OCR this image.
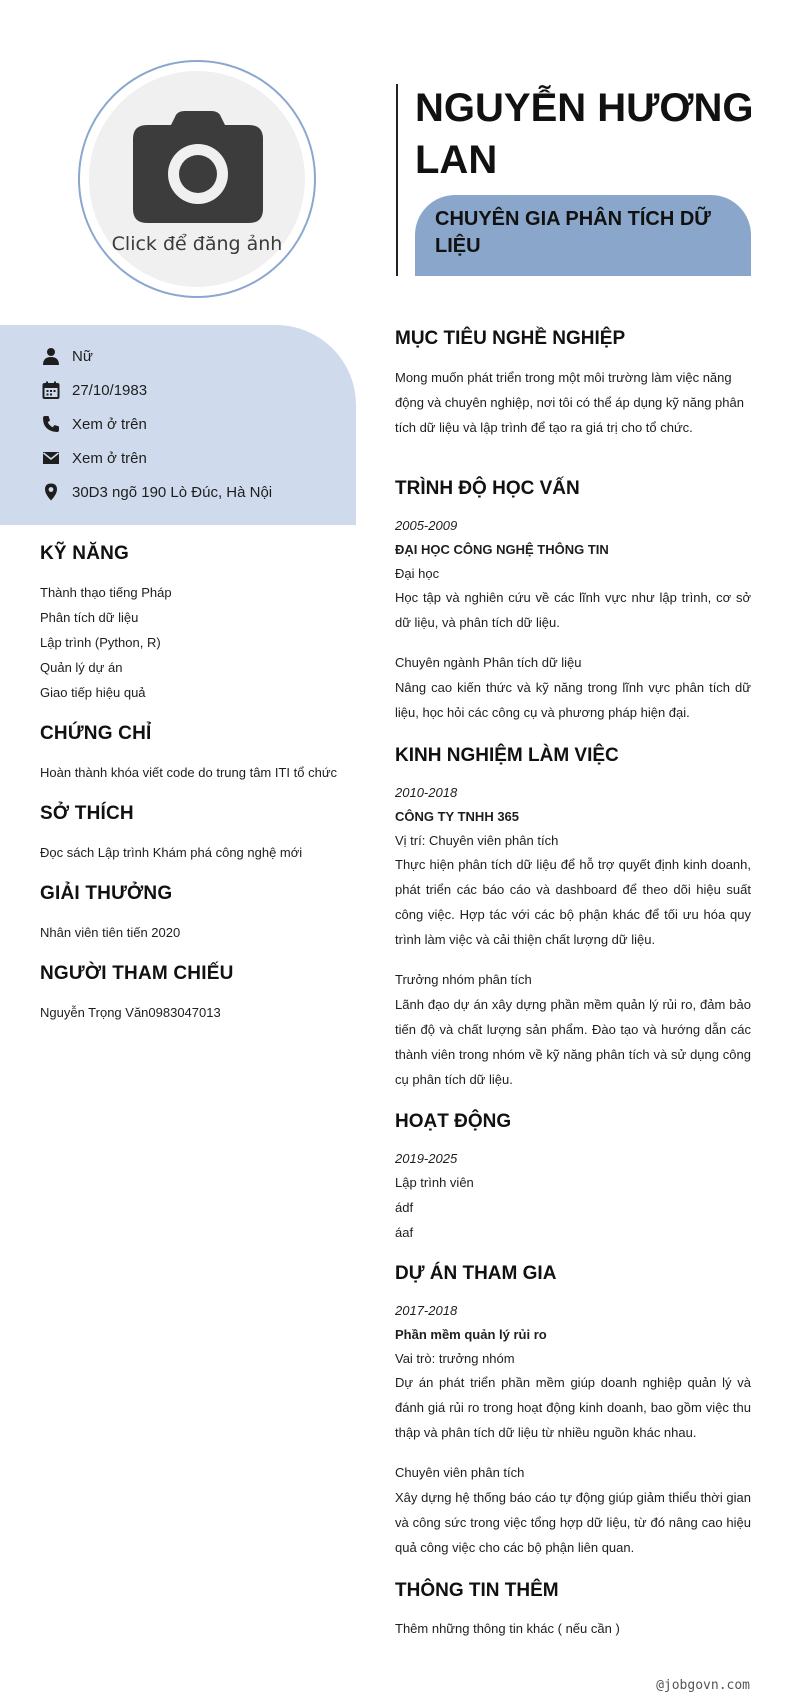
Click để đăng ảnh
Nữ
27/10/1983
Xem ở trên
Xem ở trên
30D3 ngõ 190 Lò Đúc, Hà Nội
KỸ NĂNG
Thành thạo tiếng Pháp
Phân tích dữ liệu
Lập trình (Python, R)
Quản lý dự án
Giao tiếp hiệu quả
CHỨNG CHỈ
Hoàn thành khóa viết code do trung tâm ITI tổ chức
SỞ THÍCH
Đọc sách Lập trình Khám phá công nghệ mới
GIẢI THƯỞNG
Nhân viên tiên tiến 2020
NGƯỜI THAM CHIẾU
Nguyễn Trọng Văn0983047013
NGUYỄN HƯƠNG LAN
CHUYÊN GIA PHÂN TÍCH DỮ LIỆU
MỤC TIÊU NGHỀ NGHIỆP
Mong muốn phát triển trong một môi trường làm việc năng động và chuyên nghiệp, nơi tôi có thể áp dụng kỹ năng phân tích dữ liệu và lập trình để tạo ra giá trị cho tổ chức.
TRÌNH ĐỘ HỌC VẤN
2005-2009
ĐẠI HỌC CÔNG NGHỆ THÔNG TIN
Đại học
Học tập và nghiên cứu về các lĩnh vực như lập trình, cơ sở dữ liệu, và phân tích dữ liệu.
Chuyên ngành Phân tích dữ liệu
Nâng cao kiến thức và kỹ năng trong lĩnh vực phân tích dữ liệu, học hỏi các công cụ và phương pháp hiện đại.
KINH NGHIỆM LÀM VIỆC
2010-2018
CÔNG TY TNHH 365
Vị trí: Chuyên viên phân tích
Thực hiện phân tích dữ liệu để hỗ trợ quyết định kinh doanh, phát triển các báo cáo và dashboard để theo dõi hiệu suất công việc. Hợp tác với các bộ phận khác để tối ưu hóa quy trình làm việc và cải thiện chất lượng dữ liệu.
Trưởng nhóm phân tích
Lãnh đạo dự án xây dựng phần mềm quản lý rủi ro, đảm bảo tiến độ và chất lượng sản phẩm. Đào tạo và hướng dẫn các thành viên trong nhóm về kỹ năng phân tích và sử dụng công cụ phân tích dữ liệu.
HOẠT ĐỘNG
2019-2025
Lập trình viên
ádf
áaf
DỰ ÁN THAM GIA
2017-2018
Phần mềm quản lý rủi ro
Vai trò: trưởng nhóm
Dự án phát triển phần mềm giúp doanh nghiệp quản lý và đánh giá rủi ro trong hoạt động kinh doanh, bao gồm việc thu thập và phân tích dữ liệu từ nhiều nguồn khác nhau.
Chuyên viên phân tích
Xây dựng hệ thống báo cáo tự động giúp giảm thiểu thời gian và công sức trong việc tổng hợp dữ liệu, từ đó nâng cao hiệu quả công việc cho các bộ phận liên quan.
THÔNG TIN THÊM
Thêm những thông tin khác ( nếu cần )
@jobgovn.com
